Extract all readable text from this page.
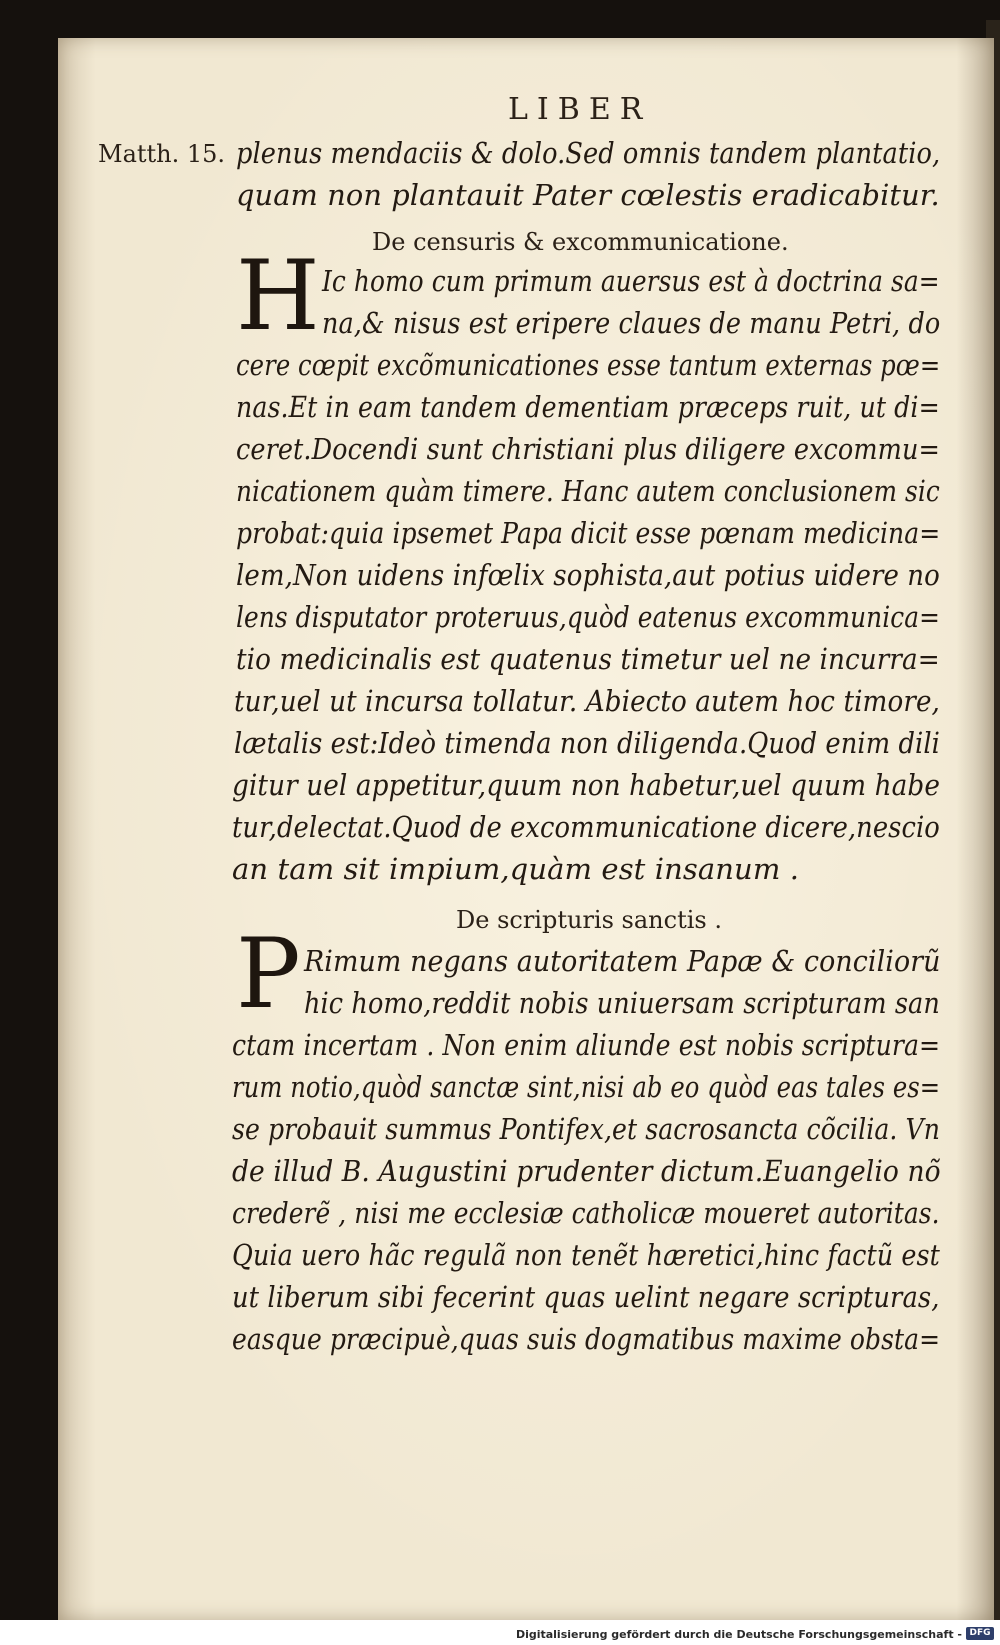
LIBER
Matth. 15. plenus mendaciis & dolo.Sed omnis tandem plantatio,
quam non plantauit Pater cœlestis eradicabitur.
De censuris & excommunicatione.
H Ic homo cum primum auersus est à doctrina sa=
na,& nisus est eripere claues de manu Petri, do
cere cœpit excõmunicationes esse tantum externas pœ=
nas.Et in eam tandem dementiam præceps ruit, ut di=
ceret.Docendi sunt christiani plus diligere excommu=
nicationem quàm timere. Hanc autem conclusionem sic
probat:quia ipsemet Papa dicit esse pœnam medicina=
lem,Non uidens infœlix sophista,aut potius uidere no
lens disputator proteruus,quòd eatenus excommunica=
tio medicinalis est quatenus timetur uel ne incurra=
tur,uel ut incursa tollatur. Abiecto autem hoc timore,
lætalis est:Ideò timenda non diligenda.Quod enim dili
gitur uel appetitur,quum non habetur,uel quum habe
tur,delectat.Quod de excommunicatione dicere,nescio
an tam sit impium,quàm est insanum .
De scripturis sanctis .
P Rimum negans autoritatem Papæ & conciliorũ
hic homo,reddit nobis uniuersam scripturam san
ctam incertam . Non enim aliunde est nobis scriptura=
rum notio,quòd sanctæ sint,nisi ab eo quòd eas tales es=
se probauit summus Pontifex,et sacrosancta cõcilia. Vn
de illud B. Augustini prudenter dictum.Euangelio nõ
crederẽ , nisi me ecclesiæ catholicæ moueret autoritas.
Quia uero hãc regulã non tenẽt hæretici,hinc factũ est
ut liberum sibi fecerint quas uelint negare scripturas,
easque præcipuè,quas suis dogmatibus maxime obsta=
Digitalisierung gefördert durch die Deutsche Forschungsgemeinschaft - DFG
